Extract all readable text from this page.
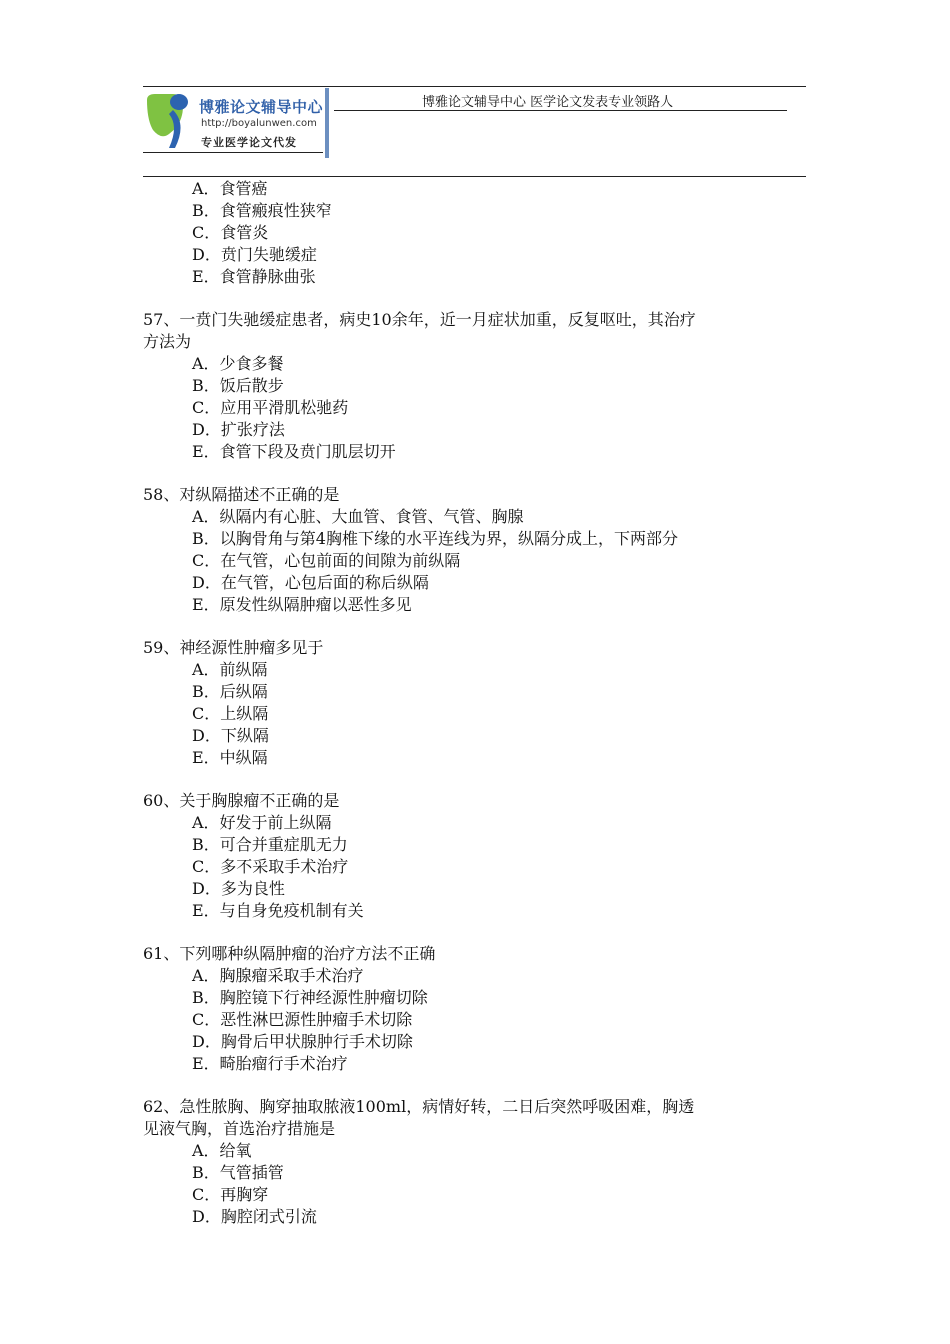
博雅论文辅导中心
http://boyalunwen.com
专业医学论文代发
博雅论文辅导中心 医学论文发表专业领路人
A．食管癌
B．食管瘢痕性狭窄
C．食管炎
D．贲门失驰缓症
E．食管静脉曲张
57、一贲门失驰缓症患者，病史10余年，近一月症状加重，反复呕吐，其治疗
方法为
A．少食多餐
B．饭后散步
C．应用平滑肌松驰药
D．扩张疗法
E．食管下段及贲门肌层切开
58、对纵隔描述不正确的是
A．纵隔内有心脏、大血管、食管、气管、胸腺
B．以胸骨角与第4胸椎下缘的水平连线为界，纵隔分成上，下两部分
C．在气管，心包前面的间隙为前纵隔
D．在气管，心包后面的称后纵隔
E．原发性纵隔肿瘤以恶性多见
59、神经源性肿瘤多见于
A．前纵隔
B．后纵隔
C．上纵隔
D．下纵隔
E．中纵隔
60、关于胸腺瘤不正确的是
A．好发于前上纵隔
B．可合并重症肌无力
C．多不采取手术治疗
D．多为良性
E．与自身免疫机制有关
61、下列哪种纵隔肿瘤的治疗方法不正确
A．胸腺瘤采取手术治疗
B．胸腔镜下行神经源性肿瘤切除
C．恶性淋巴源性肿瘤手术切除
D．胸骨后甲状腺肿行手术切除
E．畸胎瘤行手术治疗
62、急性脓胸、胸穿抽取脓液100ml，病情好转，二日后突然呼吸困难，胸透
见液气胸，首选治疗措施是
A．给氧
B．气管插管
C．再胸穿
D．胸腔闭式引流
